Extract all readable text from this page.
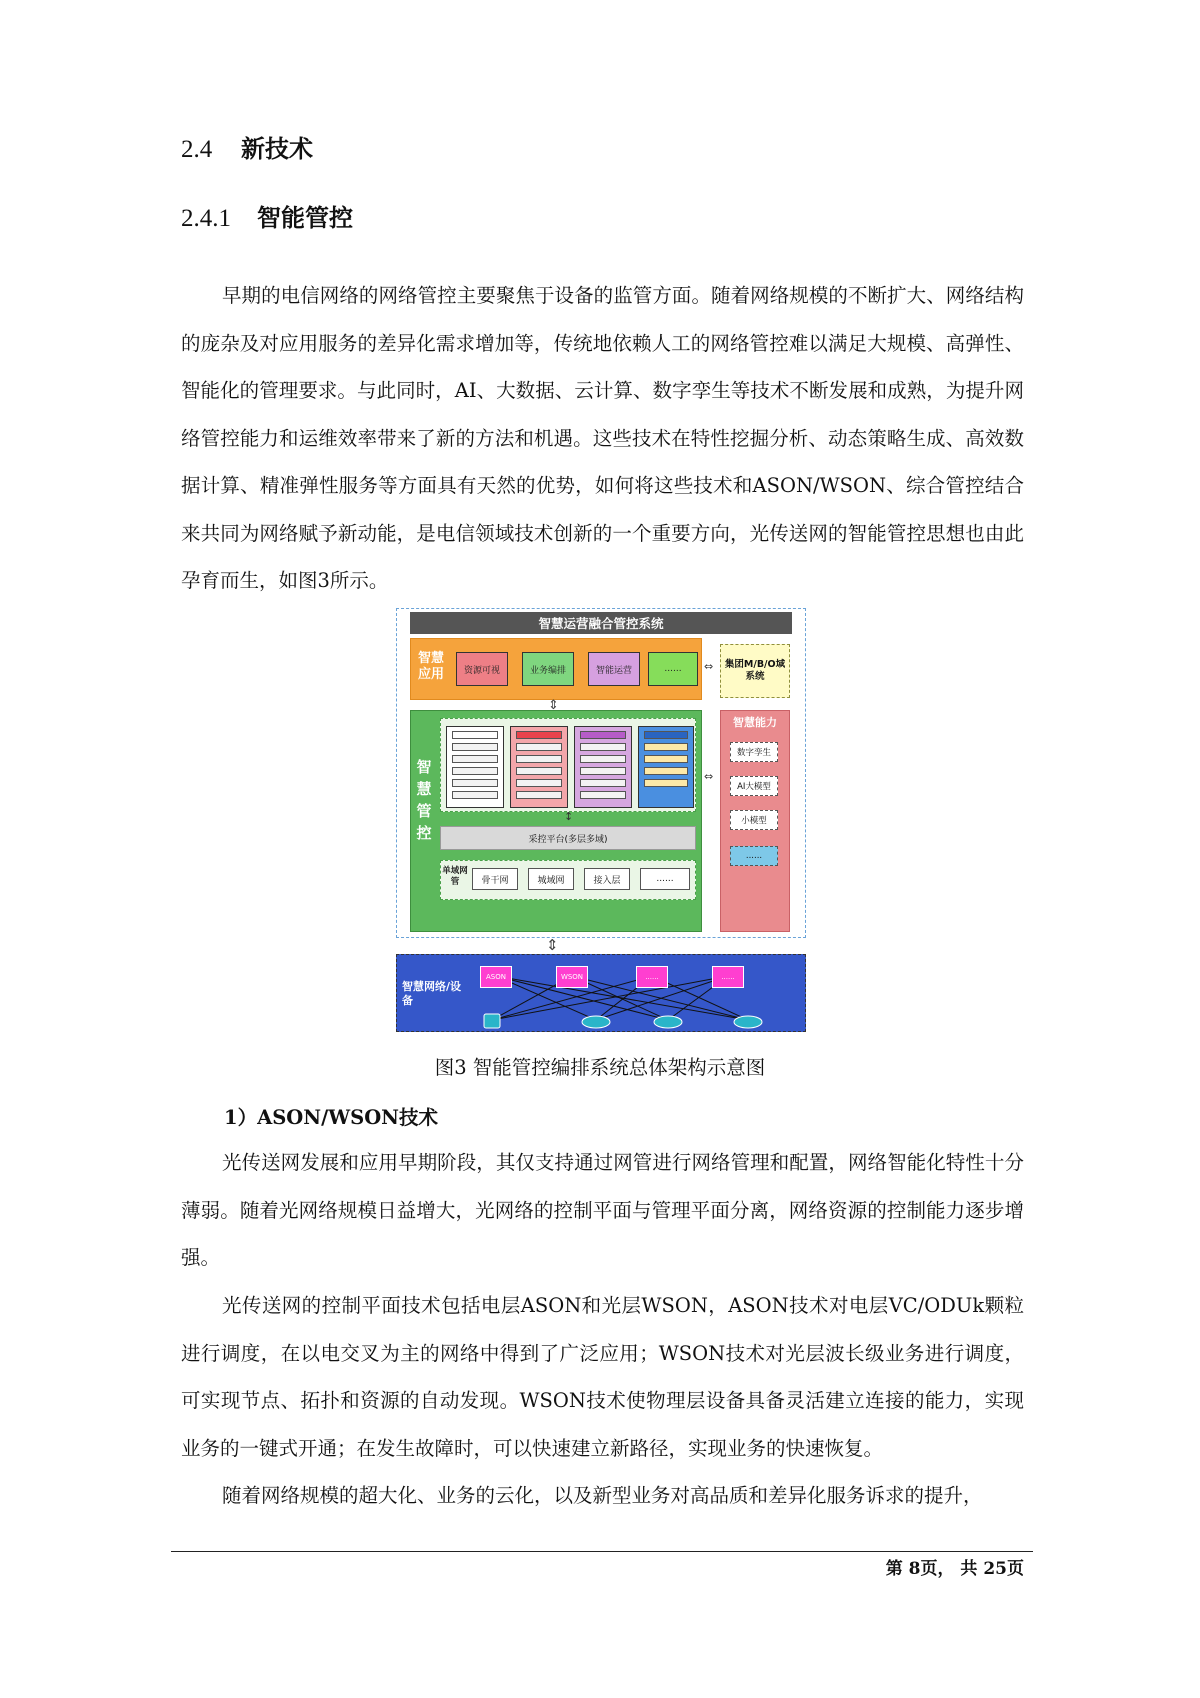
2.4 新技术
2.4.1 智能管控

早期的电信网络的网络管控主要聚焦于设备的监管方面。随着网络规模的不断扩大、网络结构的庞杂及对应用服务的差异化需求增加等，传统地依赖人工的网络管控难以满足大规模、高弹性、智能化的管理要求。与此同时，AI、大数据、云计算、数字孪生等技术不断发展和成熟，为提升网络管控能力和运维效率带来了新的方法和机遇。这些技术在特性挖掘分析、动态策略生成、高效数据计算、精准弹性服务等方面具有天然的优势，如何将这些技术和ASON/WSON、综合管控结合来共同为网络赋予新动能，是电信领域技术创新的一个重要方向，光传送网的智能管控思想也由此孕育而生，如图3所示。

智慧运营融合管控系统
智慧应用	资源可视	业务编排	智能运营	......	⇔	集团M/B/O域系统
智慧管控
⇕
↕
采控平台(多层多域)
单域网管	骨干网	城域网	接入层	......
⇔
智慧能力
数字孪生
AI大模型
小模型
......
⇕
智慧网络/设备
ASON	WSON	......	......
图3 智能管控编排系统总体架构示意图
1）ASON/WSON技术

光传送网发展和应用早期阶段，其仅支持通过网管进行网络管理和配置，网络智能化特性十分薄弱。随着光网络规模日益增大，光网络的控制平面与管理平面分离，网络资源的控制能力逐步增强。

光传送网的控制平面技术包括电层ASON和光层WSON，ASON技术对电层VC/ODUk颗粒进行调度，在以电交叉为主的网络中得到了广泛应用；WSON技术对光层波长级业务进行调度，可实现节点、拓扑和资源的自动发现。WSON技术使物理层设备具备灵活建立连接的能力，实现业务的一键式开通；在发生故障时，可以快速建立新路径，实现业务的快速恢复。

随着网络规模的超大化、业务的云化，以及新型业务对高品质和差异化服务诉求的提升，

第 8页， 共 25页
